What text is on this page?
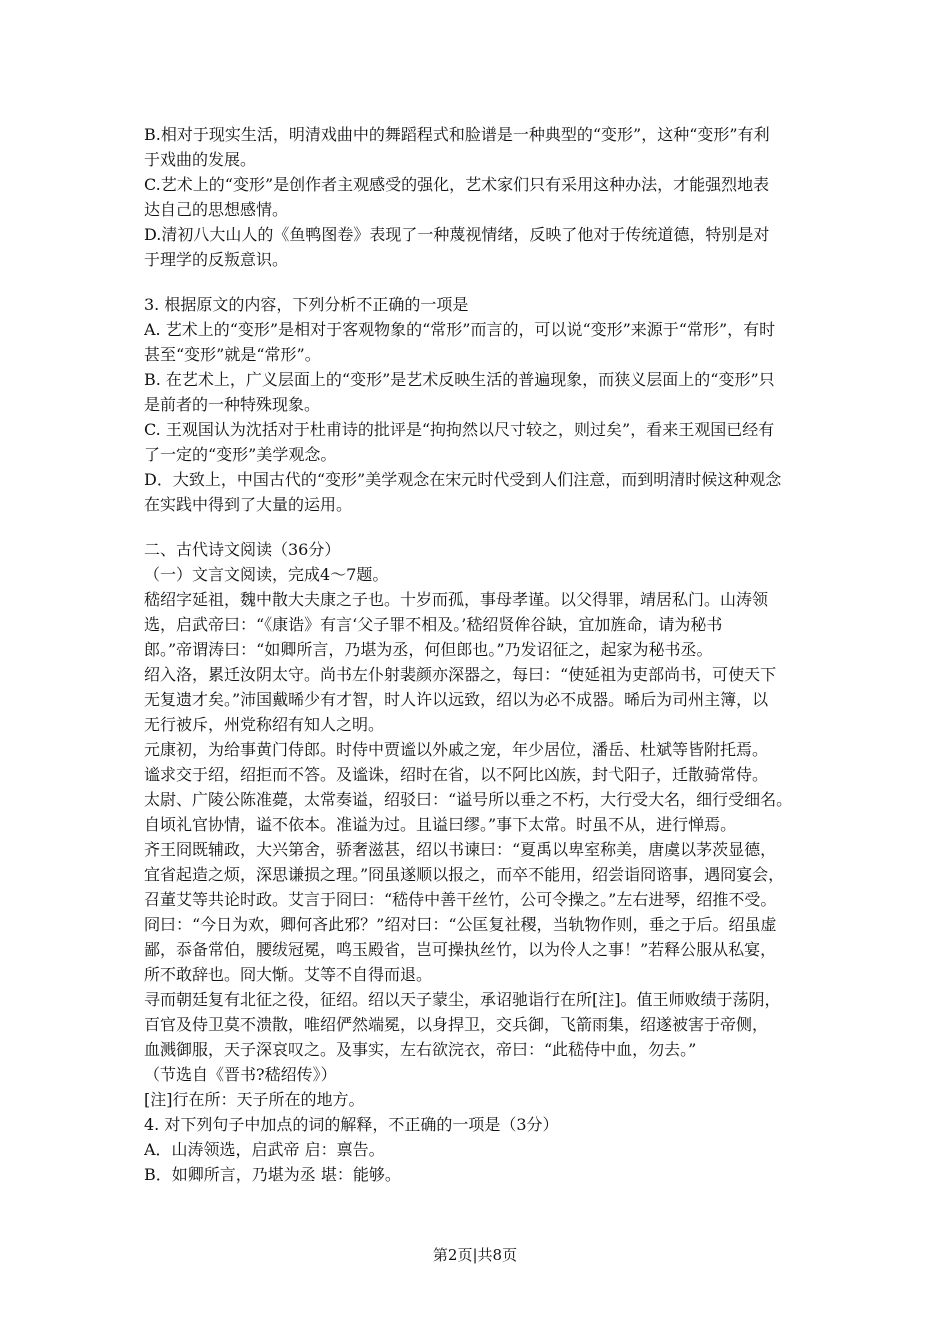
B.相对于现实生活，明清戏曲中的舞蹈程式和脸谱是一种典型的“变形”，这种“变形”有利
于戏曲的发展。
C.艺术上的“变形”是创作者主观感受的强化，艺术家们只有采用这种办法，才能强烈地表
达自己的思想感情。
D.清初八大山人的《鱼鸭图卷》表现了一种蔑视情绪，反映了他对于传统道德，特别是对
于理学的反叛意识。
3. 根据原文的内容，下列分析不正确的一项是
A. 艺术上的“变形”是相对于客观物象的“常形”而言的，可以说“变形”来源于“常形”，有时
甚至“变形”就是“常形”。
B. 在艺术上，广义层面上的“变形”是艺术反映生活的普遍现象，而狭义层面上的“变形”只
是前者的一种特殊现象。
C. 王观国认为沈括对于杜甫诗的批评是“拘拘然以尺寸较之，则过矣”，看来王观国已经有
了一定的“变形”美学观念。
D．大致上，中国古代的“变形”美学观念在宋元时代受到人们注意，而到明清时候这种观念
在实践中得到了大量的运用。
二、古代诗文阅读（36分）
（一）文言文阅读，完成4～7题。
嵇绍字延祖，魏中散大夫康之子也。十岁而孤，事母孝谨。以父得罪，靖居私门。山涛领
选，启武帝曰：“《康诰》有言‘父子罪不相及。’嵇绍贤侔谷缺，宜加旌命，请为秘书
郎。”帝谓涛曰：“如卿所言，乃堪为丞，何但郎也。”乃发诏征之，起家为秘书丞。
绍入洛，累迁汝阴太守。尚书左仆射裴颜亦深器之，每曰：“使延祖为吏部尚书，可使天下
无复遗才矣。”沛国戴晞少有才智，时人许以远致，绍以为必不成器。晞后为司州主簿，以
无行被斥，州党称绍有知人之明。
元康初，为给事黄门侍郎。时侍中贾谧以外戚之宠，年少居位，潘岳、杜斌等皆附托焉。
谧求交于绍，绍拒而不答。及谧诛，绍时在省，以不阿比凶族，封弋阳子，迁散骑常侍。
太尉、广陵公陈准薨，太常奏谥，绍驳曰：“谥号所以垂之不朽，大行受大名，细行受细名。
自顷礼官协情，谥不依本。准谥为过。且谥曰缪。”事下太常。时虽不从，进行惮焉。
齐王冏既辅政，大兴第舍，骄奢滋甚，绍以书谏曰：“夏禹以卑室称美，唐虞以茅茨显德，
宜省起造之烦，深思谦损之理。”冏虽遂顺以报之，而卒不能用，绍尝诣冏谘事，遇冏宴会，
召董艾等共论时政。艾言于冏曰：“嵇侍中善干丝竹，公可令操之。”左右进琴，绍推不受。
冏曰：“今日为欢，卿何吝此邪？”绍对曰：“公匡复社稷，当轨物作则，垂之于后。绍虽虚
鄙，忝备常伯，腰绂冠冕，鸣玉殿省，岂可操执丝竹，以为伶人之事！”若释公服从私宴，
所不敢辞也。冏大惭。艾等不自得而退。
寻而朝廷复有北征之役，征绍。绍以天子蒙尘，承诏驰诣行在所[注]。值王师败绩于荡阴，
百官及侍卫莫不溃散，唯绍俨然端冕，以身捍卫，交兵御，飞箭雨集，绍遂被害于帝侧，
血溅御服，天子深哀叹之。及事实，左右欲浣衣，帝曰：“此嵇侍中血，勿去。”
（节选自《晋书?嵇绍传》）
[注]行在所：天子所在的地方。
4. 对下列句子中加点的词的解释，不正确的一项是（3分）
A．山涛领选，启武帝 启：禀告。
B．如卿所言，乃堪为丞 堪：能够。
第2页|共8页
